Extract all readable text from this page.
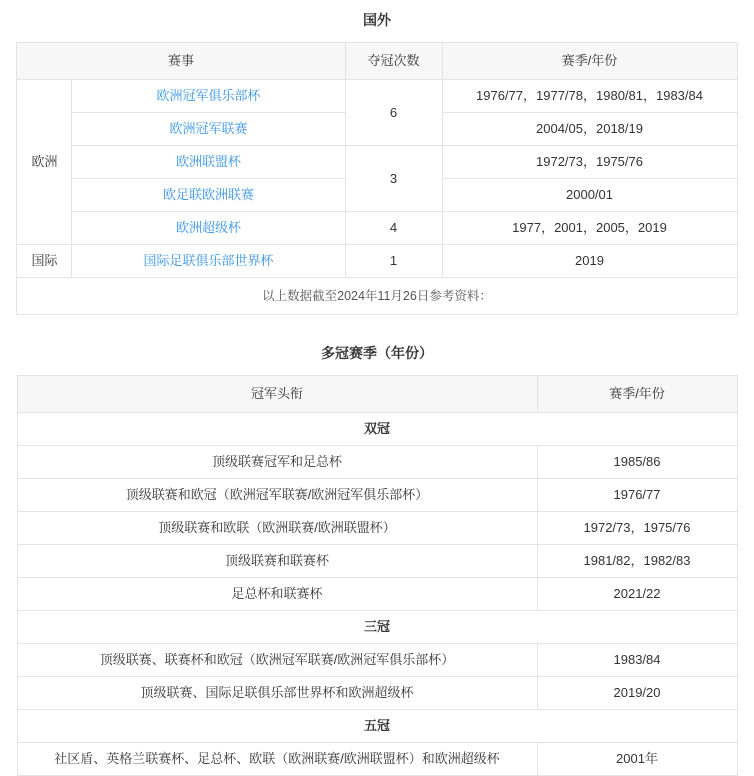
国外
赛事		夺冠次数	赛季/年份
欧洲	欧洲冠军俱乐部杯	6	1976/77，1977/78，1980/81，1983/84
	欧洲冠军联赛		2004/05，2018/19
	欧洲联盟杯	3	1972/73，1975/76
	欧足联欧洲联赛		2000/01
	欧洲超级杯	4	1977，2001，2005，2019
国际	国际足联俱乐部世界杯	1	2019
以上数据截至2024年11月26日参考资料：			
多冠赛季（年份）
冠军头衔	赛季/年份
双冠	
顶级联赛冠军和足总杯	1985/86
顶级联赛和欧冠（欧洲冠军联赛/欧洲冠军俱乐部杯）	1976/77
顶级联赛和欧联（欧洲联赛/欧洲联盟杯）	1972/73，1975/76
顶级联赛和联赛杯	1981/82，1982/83
足总杯和联赛杯	2021/22
三冠	
顶级联赛、联赛杯和欧冠（欧洲冠军联赛/欧洲冠军俱乐部杯）	1983/84
顶级联赛、国际足联俱乐部世界杯和欧洲超级杯	2019/20
五冠	
社区盾、英格兰联赛杯、足总杯、欧联（欧洲联赛/欧洲联盟杯）和欧洲超级杯	2001年
